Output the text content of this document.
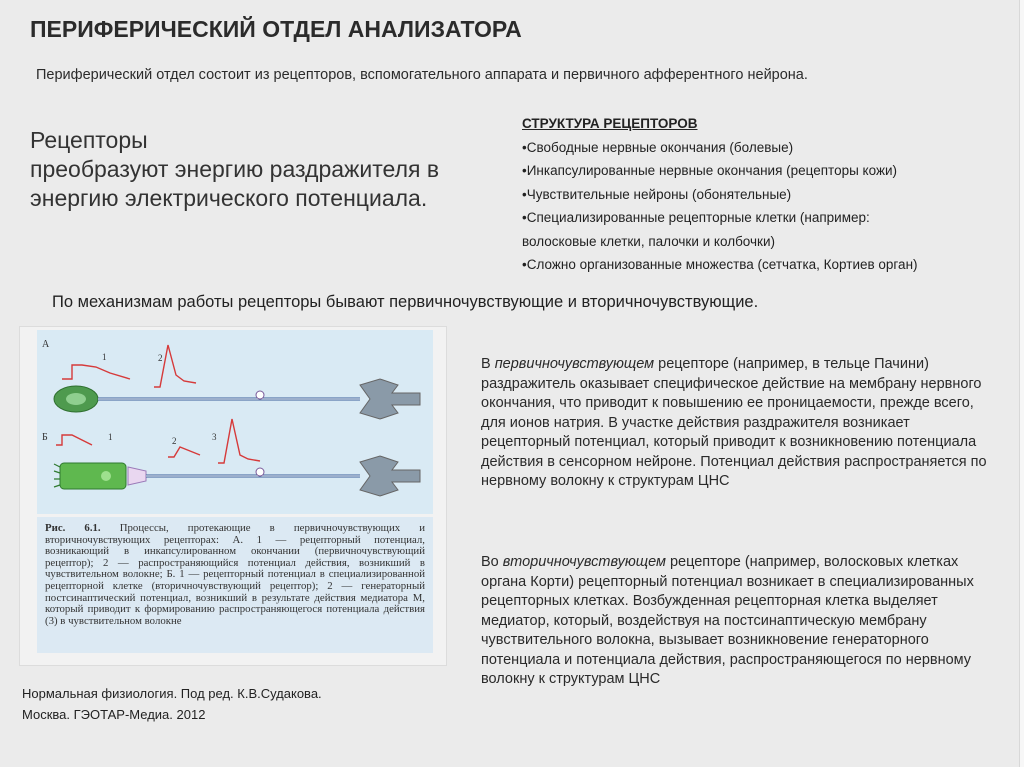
ПЕРИФЕРИЧЕСКИЙ ОТДЕЛ АНАЛИЗАТОРА
Периферический отдел состоит из рецепторов, вспомогательного аппарата и первичного афферентного нейрона.
Рецепторы
преобразуют энергию раздражителя в
энергию электрического потенциала.
СТРУКТУРА РЕЦЕПТОРОВ
•Свободные нервные окончания (болевые)
•Инкапсулированные нервные окончания (рецепторы кожи)
•Чувствительные нейроны (обонятельные)
•Специализированные рецепторные клетки (например:
волосковые клетки, палочки и колбочки)
•Сложно организованные множества (сетчатка, Кортиев орган)
По механизмам работы рецепторы бывают первичночувствующие и вторичночувствующие.
А
1	2
Б	1	2	3
Рис. 6.1. Процессы, протекающие в первичночувствующих и вторичночувствующих рецепторах: А. 1 — рецепторный потенциал, возникающий в инкапсулированном окончании (первичночувствующий рецептор); 2 — распространяющийся потенциал действия, возникший в чувствительном волокне; Б. 1 — рецепторный потенциал в специализированной рецепторной клетке (вторичночувствующий рецептор); 2 — генераторный постсинаптический потенциал, возникший в результате действия медиатора М, который приводит к формированию распространяющегося потенциала действия (3) в чувствительном волокне
Нормальная физиология. Под ред. К.В.Судакова.
Москва. ГЭОТАР-Медиа. 2012
В первичночувствующем рецепторе (например, в тельце Пачини) раздражитель оказывает специфическое действие на мембрану нервного окончания, что приводит к повышению ее проницаемости, прежде всего, для ионов натрия. В участке действия раздражителя возникает рецепторный потенциал, который приводит к возникновению потенциала действия в сенсорном нейроне. Потенциал действия распространяется по нервному волокну к структурам ЦНС
Во вторичночувствующем рецепторе (например, волосковых клетках органа Корти) рецепторный потенциал возникает в специализированных рецепторных клетках. Возбужденная рецепторная клетка выделяет медиатор, который, воздействуя на постсинаптическую мембрану чувствительного волокна, вызывает возникновение генераторного потенциала и потенциала действия, распространяющегося по нервному волокну к структурам ЦНС
